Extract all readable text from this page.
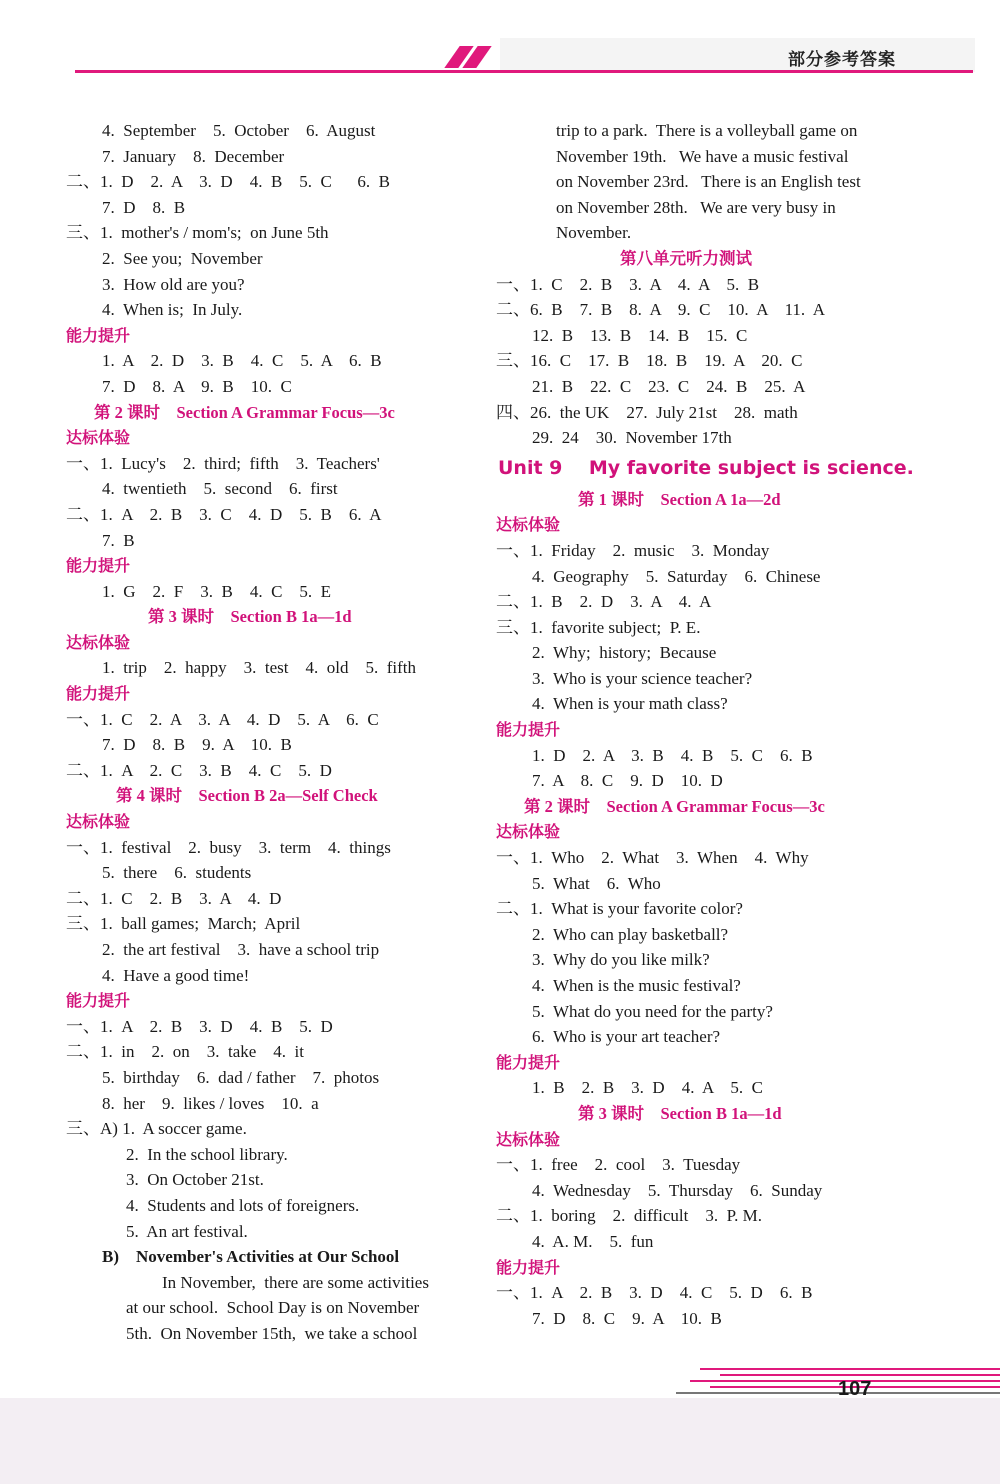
部分参考答案
4.  September    5.  October    6.  August
7.  January    8.  December
二、1.  D    2.  A    3.  D    4.  B    5.  C      6.  B
7.  D    8.  B
三、1.  mother's / mom's;  on June 5th
2.  See you;  November
3.  How old are you?
4.  When is;  In July.
能力提升
1.  A    2.  D    3.  B    4.  C    5.  A    6.  B
7.  D    8.  A    9.  B    10.  C
第 2 课时    Section A Grammar Focus—3c
达标体验
一、1.  Lucy's    2.  third;  fifth    3.  Teachers'
4.  twentieth    5.  second    6.  first
二、1.  A    2.  B    3.  C    4.  D    5.  B    6.  A
7.  B
能力提升
1.  G    2.  F    3.  B    4.  C    5.  E
第 3 课时    Section B 1a—1d
达标体验
1.  trip    2.  happy    3.  test    4.  old    5.  fifth
能力提升
一、1.  C    2.  A    3.  A    4.  D    5.  A    6.  C
7.  D    8.  B    9.  A    10.  B
二、1.  A    2.  C    3.  B    4.  C    5.  D
第 4 课时    Section B 2a—Self Check
达标体验
一、1.  festival    2.  busy    3.  term    4.  things
5.  there    6.  students
二、1.  C    2.  B    3.  A    4.  D
三、1.  ball games;  March;  April
2.  the art festival    3.  have a school trip
4.  Have a good time!
能力提升
一、1.  A    2.  B    3.  D    4.  B    5.  D
二、1.  in    2.  on    3.  take    4.  it
5.  birthday    6.  dad / father    7.  photos
8.  her    9.  likes / loves    10.  a
三、A) 1.  A soccer game.
2.  In the school library.
3.  On October 21st.
4.  Students and lots of foreigners.
5.  An art festival.
B)    November's Activities at Our School
In November,  there are some activities
at our school.  School Day is on November
5th.  On November 15th,  we take a school
trip to a park.  There is a volleyball game on
November 19th.   We have a music festival
on November 23rd.   There is an English test
on November 28th.   We are very busy in
November.
第八单元听力测试
一、1.  C    2.  B    3.  A    4.  A    5.  B
二、6.  B    7.  B    8.  A    9.  C    10.  A    11.  A
12.  B    13.  B    14.  B    15.  C
三、16.  C    17.  B    18.  B    19.  A    20.  C
21.  B    22.  C    23.  C    24.  B    25.  A
四、26.  the UK    27.  July 21st    28.  math
29.  24    30.  November 17th
Unit 9    My favorite subject is science.
第 1 课时    Section A 1a—2d
达标体验
一、1.  Friday    2.  music    3.  Monday
4.  Geography    5.  Saturday    6.  Chinese
二、1.  B    2.  D    3.  A    4.  A
三、1.  favorite subject;  P. E.
2.  Why;  history;  Because
3.  Who is your science teacher?
4.  When is your math class?
能力提升
1.  D    2.  A    3.  B    4.  B    5.  C    6.  B
7.  A    8.  C    9.  D    10.  D
第 2 课时    Section A Grammar Focus—3c
达标体验
一、1.  Who    2.  What    3.  When    4.  Why
5.  What    6.  Who
二、1.  What is your favorite color?
2.  Who can play basketball?
3.  Why do you like milk?
4.  When is the music festival?
5.  What do you need for the party?
6.  Who is your art teacher?
能力提升
1.  B    2.  B    3.  D    4.  A    5.  C
第 3 课时    Section B 1a—1d
达标体验
一、1.  free    2.  cool    3.  Tuesday
4.  Wednesday    5.  Thursday    6.  Sunday
二、1.  boring    2.  difficult    3.  P. M.
4.  A. M.    5.  fun
能力提升
一、1.  A    2.  B    3.  D    4.  C    5.  D    6.  B
7.  D    8.  C    9.  A    10.  B
107
